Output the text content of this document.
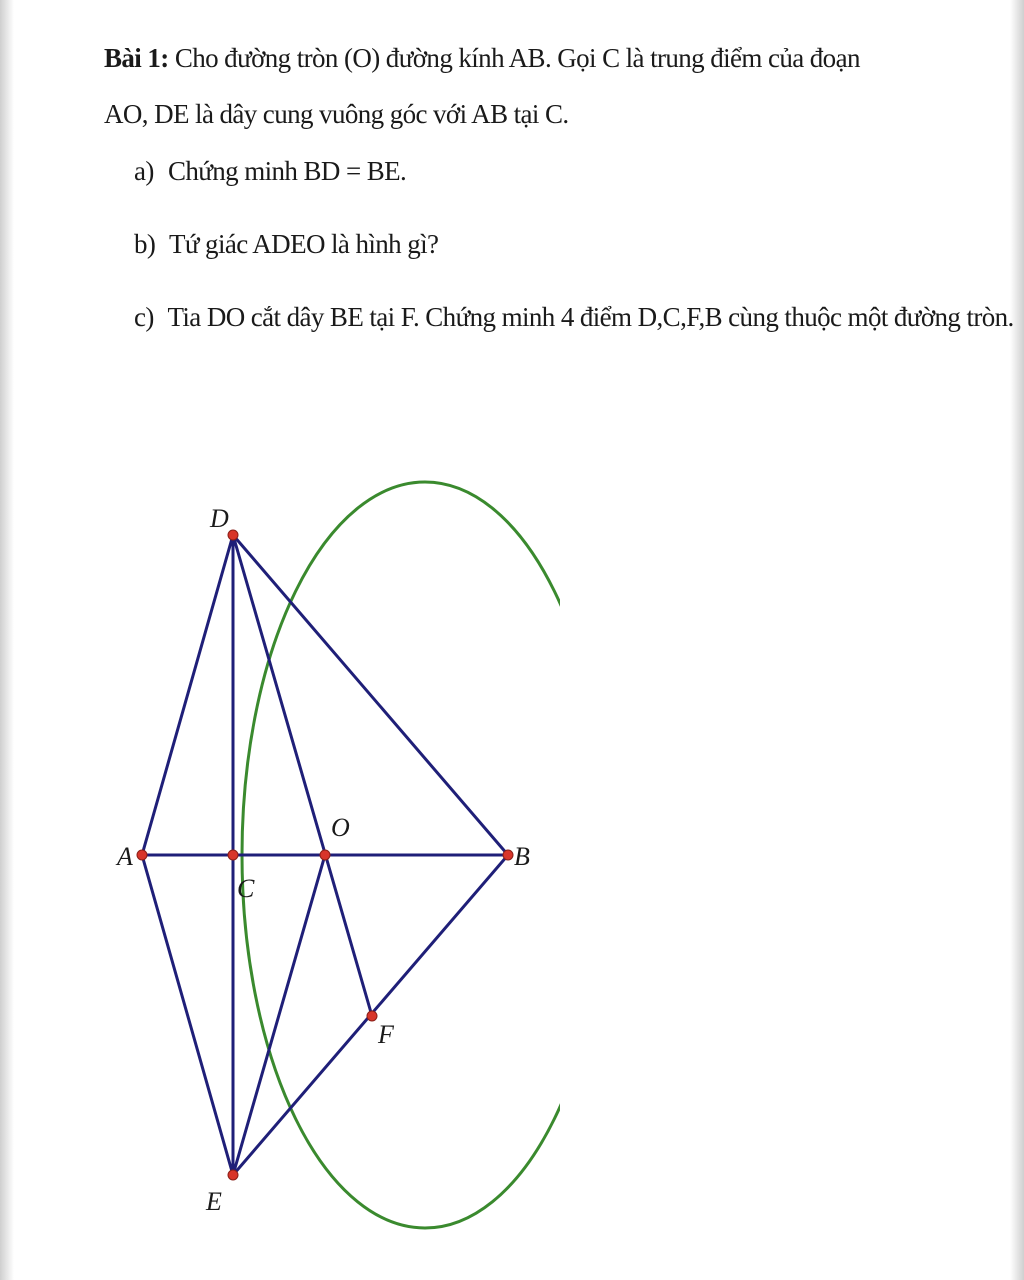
Bài 1: Cho đường tròn (O) đường kính AB. Gọi C là trung điểm của đoạn AO, DE là dây cung vuông góc với AB tại C.

a) Chứng minh BD = BE.
b) Tứ giác ADEO là hình gì?
c) Tia DO cắt dây BE tại F. Chứng minh 4 điểm D,C,F,B cùng thuộc một đường tròn.
A	B
C
O
D
E
F
